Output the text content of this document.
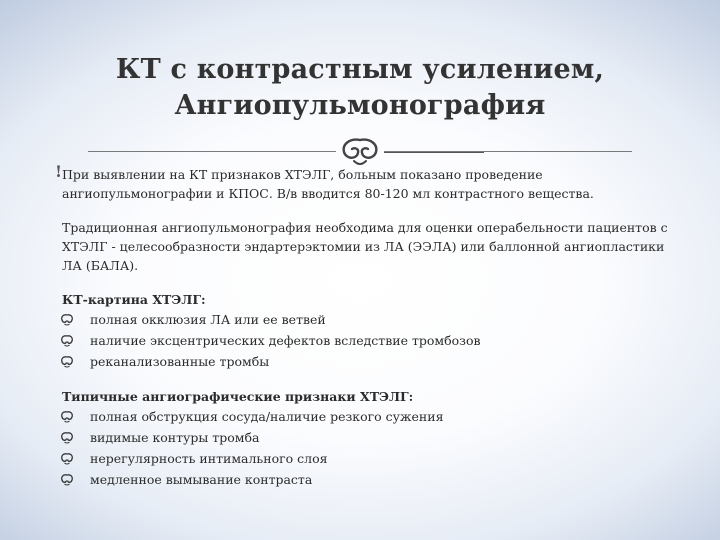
КТ с контрастным усилением,
Ангиопульмонография

! При выявлении на КТ признаков ХТЭЛГ, больным показано проведение ангиопульмонографии и КПОС. В/в вводится 80-120 мл контрастного вещества.

Традиционная ангиопульмонография необходима для оценки операбельности пациентов с ХТЭЛГ - целесообразности эндартерэктомии из ЛА (ЭЭЛА) или баллонной ангиопластики ЛА (БАЛА).

КТ-картина ХТЭЛГ:

полная окклюзия ЛА или ее ветвей
наличие эксцентрических дефектов вследствие тромбозов
реканализованные тромбы

Типичные ангиографические признаки ХТЭЛГ:

полная обструкция сосуда/наличие резкого сужения
видимые контуры тромба
нерегулярность интимального слоя
медленное вымывание контраста
